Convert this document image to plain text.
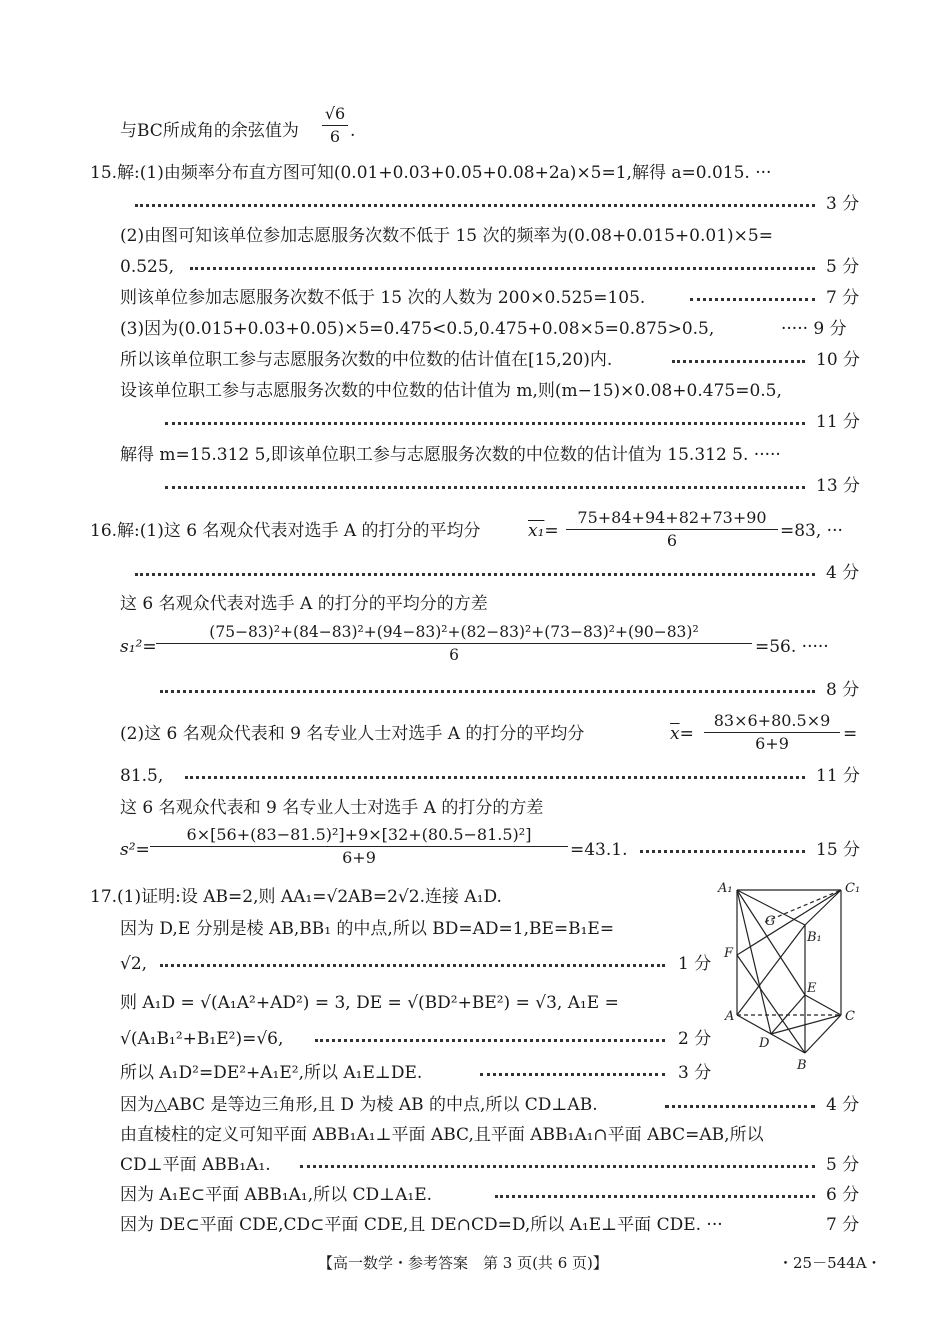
与BC所成角的余弦值为
√6
6 .
15.解:(1)由频率分布直方图可知(0.01+0.03+0.05+0.08+2a)×5=1,解得 a=0.015. ···
3 分
(2)由图可知该单位参加志愿服务次数不低于 15 次的频率为(0.08+0.015+0.01)×5=
0.525,	5 分
则该单位参加志愿服务次数不低于 15 次的人数为 200×0.525=105.	7 分
(3)因为(0.015+0.03+0.05)×5=0.475<0.5,0.475+0.08×5=0.875>0.5,	····· 9 分
所以该单位职工参与志愿服务次数的中位数的估计值在[15,20)内.	10 分
设该单位职工参与志愿服务次数的中位数的估计值为 m,则(m−15)×0.08+0.475=0.5,
11 分
解得 m=15.312 5,即该单位职工参与志愿服务次数的中位数的估计值为 15.312 5. ·····
13 分
16.解:(1)这 6 名观众代表对选手 A 的打分的平均分	x₁=
75+84+94+82+73+90
6	=83, ···
4 分
这 6 名观众代表对选手 A 的打分的平均分的方差
s₁²=
(75−83)²+(84−83)²+(94−83)²+(82−83)²+(73−83)²+(90−83)²
6	=56. ·····
8 分
(2)这 6 名观众代表和 9 名专业人士对选手 A 的打分的平均分	$\overline{x}=$
83×6+80.5×9
6+9	=
81.5,	11 分
这 6 名观众代表和 9 名专业人士对选手 A 的打分的方差
s²=
6×[56+(83−81.5)²]+9×[32+(80.5−81.5)²]
6+9	=43.1.	15 分
17.(1)证明:设 AB=2,则 AA₁=√2AB=2√2.连接 A₁D.
因为 D,E 分别是棱 AB,BB₁ 的中点,所以 BD=AD=1,BE=B₁E=
√2,	1 分
则 A₁D = √(A₁A²+AD²) = 3, DE = √(BD²+BE²) = √3, A₁E =
√(A₁B₁²+B₁E²)=√6,	2 分
所以 A₁D²=DE²+A₁E²,所以 A₁E⊥DE.	3 分
因为△ABC 是等边三角形,且 D 为棱 AB 的中点,所以 CD⊥AB.	4 分
由直棱柱的定义可知平面 ABB₁A₁⊥平面 ABC,且平面 ABB₁A₁∩平面 ABC=AB,所以
CD⊥平面 ABB₁A₁.	5 分
因为 A₁E⊂平面 ABB₁A₁,所以 CD⊥A₁E.	6 分
因为 DE⊂平面 CDE,CD⊂平面 CDE,且 DE∩CD=D,所以 A₁E⊥平面 CDE. ···	7 分
A₁	C₁
G
B₁
F
E
A	C
D
B
【高一数学・参考答案　第 3 页(共 6 页)】	・25－544A・
